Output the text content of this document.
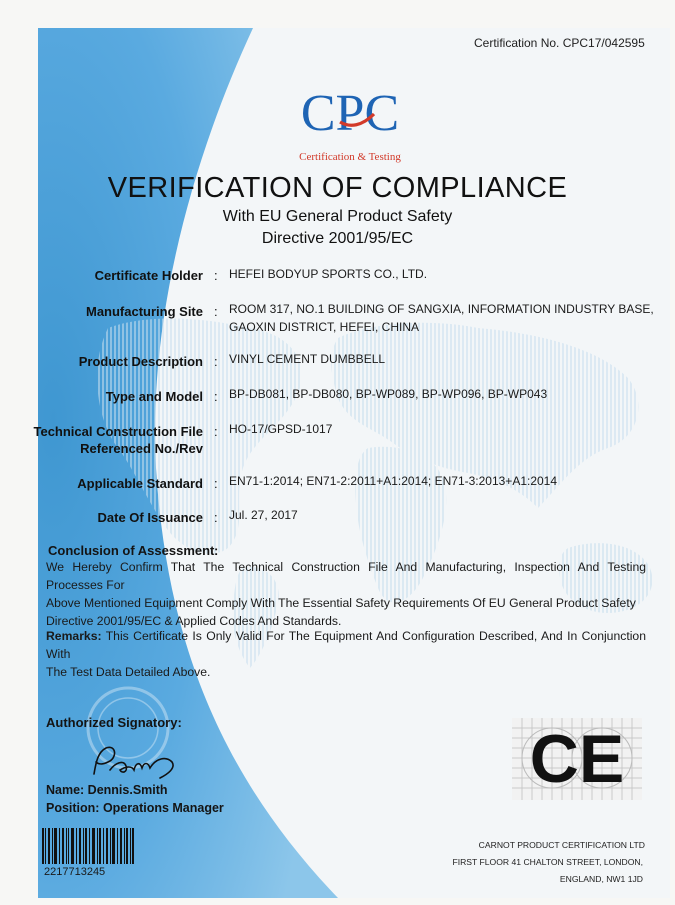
Certification No. CPC17/042595
CPC
Certification & Testing
VERIFICATION OF COMPLIANCE
With EU General Product Safety
Directive 2001/95/EC
Certificate Holder : HEFEI BODYUP SPORTS CO., LTD.
Manufacturing Site : ROOM 317, NO.1 BUILDING OF SANGXIA, INFORMATION INDUSTRY BASE,
GAOXIN DISTRICT, HEFEI, CHINA
Product Description : VINYL CEMENT DUMBBELL
Type and Model : BP-DB081, BP-DB080, BP-WP089, BP-WP096, BP-WP043
Technical Construction File
Referenced No./Rev
: HO-17/GPSD-1017
Applicable Standard : EN71-1:2014; EN71-2:2011+A1:2014; EN71-3:2013+A1:2014
Date Of Issuance : Jul. 27, 2017
Conclusion of Assessment :
We Hereby Confirm That The Technical Construction File And Manufacturing, Inspection And Testing Processes For
Above Mentioned Equipment Comply With The Essential Safety Requirements Of EU General Product Safety
Directive 2001/95/EC & Applied Codes And Standards.
Remarks: This Certificate Is Only Valid For The Equipment And Configuration Described, And In Conjunction With
The Test Data Detailed Above.
Authorized Signatory:
Name: Dennis.Smith
Position: Operations Manager
CE
2217713245
CARNOT PRODUCT CERTIFICATION LTD
FIRST FLOOR 41 CHALTON STREET, LONDON,
ENGLAND, NW1 1JD
